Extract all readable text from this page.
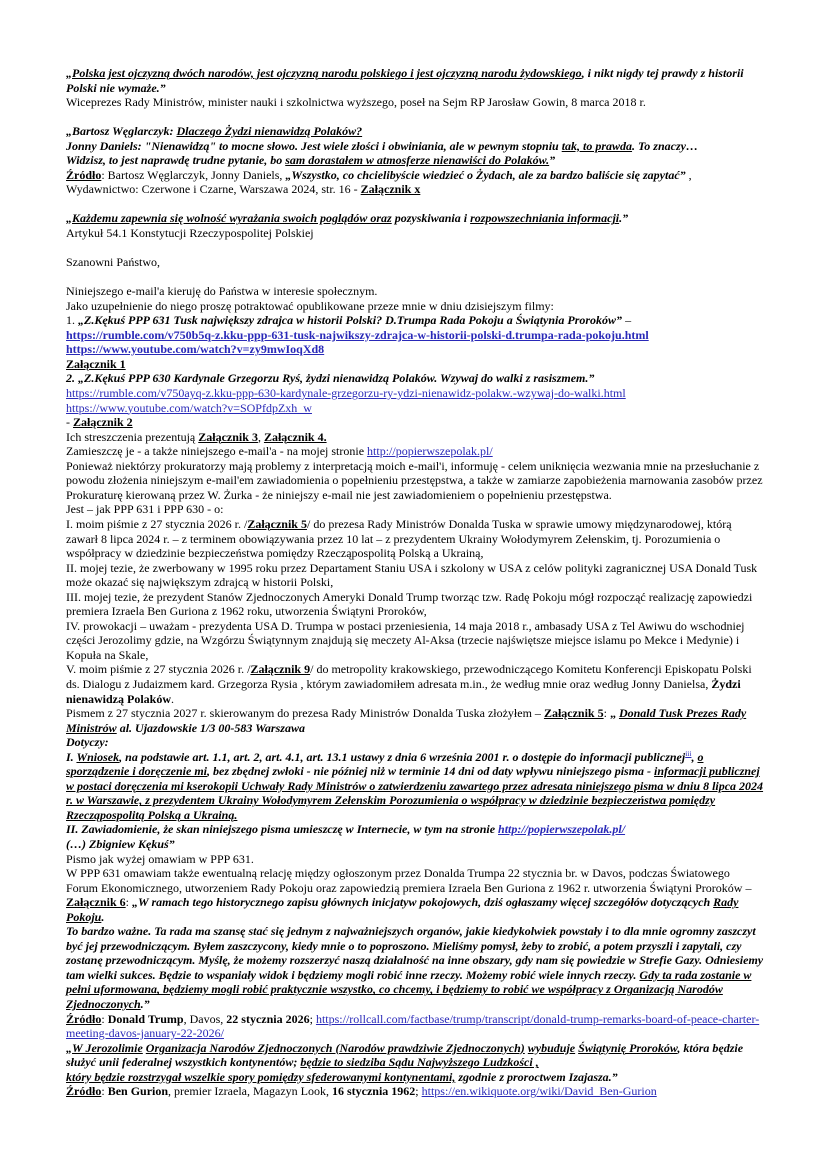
„Polska jest ojczyzną dwóch narodów, jest ojczyzną narodu polskiego i jest ojczyzną narodu żydowskiego, i nikt nigdy tej prawdy z historii Polski nie wymaże.”

Wiceprezes Rady Ministrów, minister nauki i szkolnictwa wyższego, poseł na Sejm RP Jarosław Gowin, 8 marca 2018 r.

„Bartosz Węglarczyk: Dlaczego Żydzi nienawidzą Polaków?

Jonny Daniels: "Nienawidzą" to mocne słowo. Jest wiele złości i obwiniania, ale w pewnym stopniu tak, to prawda. To znaczy…

Widzisz, to jest naprawdę trudne pytanie, bo sam dorastałem w atmosferze nienawiści do Polaków.”

Źródło: Bartosz Węglarczyk, Jonny Daniels, „Wszystko, co chcielibyście wiedzieć o Żydach, ale za bardzo baliście się zapytać” , Wydawnictwo: Czerwone i Czarne, Warszawa 2024, str. 16 - Załącznik x

„Każdemu zapewnia się wolność wyrażania swoich poglądów oraz pozyskiwania i rozpowszechniania informacji.”

Artykuł 54.1 Konstytucji Rzeczypospolitej Polskiej

Szanowni Państwo,

Niniejszego e-mail'a kieruję do Państwa w interesie społecznym.

Jako uzupełnienie do niego proszę potraktować opublikowane przeze mnie w dniu dzisiejszym filmy:

1. „Z.Kękuś PPP 631 Tusk największy zdrajca w historii Polski? D.Trumpa Rada Pokoju a Świątynia Proroków” –

https://rumble.com/v750b5q-z.kku-ppp-631-tusk-najwikszy-zdrajca-w-historii-polski-d.trumpa-rada-pokoju.html

https://www.youtube.com/watch?v=zy9mwIoqXd8

Załącznik 1

2. „Z.Kękuś PPP 630 Kardynale Grzegorzu Ryś, żydzi nienawidzą Polaków. Wzywaj do walki z rasiszmem.”

https://rumble.com/v750ayq-z.kku-ppp-630-kardynale-grzegorzu-ry-ydzi-nienawidz-polakw.-wzywaj-do-walki.html

https://www.youtube.com/watch?v=SOPfdpZxh_w

- Załącznik 2

Ich streszczenia prezentują Załącznik 3, Załącznik 4.

Zamieszczę je - a także niniejszego e-mail'a - na mojej stronie http://popierwszepolak.pl/

Ponieważ niektórzy prokuratorzy mają problemy z interpretacją moich e-mail'i, informuję - celem uniknięcia wezwania mnie na przesłuchanie z powodu złożenia niniejszym e-mail'em zawiadomienia o popełnieniu przestępstwa, a także w zamiarze zapobieżenia marnowania zasobów przez Prokuraturę kierowaną przez W. Żurka - że niniejszy e-mail nie jest zawiadomieniem o popełnieniu przestępstwa.

Jest – jak PPP 631 i PPP 630 - o:

I. moim piśmie z 27 stycznia 2026 r. /Załącznik 5/ do prezesa Rady Ministrów Donalda Tuska w sprawie umowy międzynarodowej, którą zawarł 8 lipca 2024 r. – z terminem obowiązywania przez 10 lat – z prezydentem Ukrainy Wołodymyrem Zełenskim, tj. Porozumienia o współpracy w dziedzinie bezpieczeństwa pomiędzy Rzecząpospolitą Polską a Ukrainą,

II. mojej tezie, że zwerbowany w 1995 roku przez Departament Staniu USA i szkolony w USA z celów polityki zagranicznej USA Donald Tusk może okazać się największym zdrajcą w historii Polski,

III. mojej tezie, że prezydent Stanów Zjednoczonych Ameryki Donald Trump tworząc tzw. Radę Pokoju mógł rozpocząć realizację zapowiedzi premiera Izraela Ben Guriona z 1962 roku, utworzenia Świątyni Proroków,

IV. prowokacji – uważam - prezydenta USA D. Trumpa w postaci przeniesienia, 14 maja 2018 r., ambasady USA z Tel Awiwu do wschodniej części Jerozolimy gdzie, na Wzgórzu Świątynnym znajdują się meczety Al-Aksa (trzecie najświętsze miejsce islamu po Mekce i Medynie) i Kopuła na Skale,

V. moim piśmie z 27 stycznia 2026 r. /Załącznik 9/ do metropolity krakowskiego, przewodniczącego Komitetu Konferencji Episkopatu Polski ds. Dialogu z Judaizmem kard. Grzegorza Rysia , którym zawiadomiłem adresata m.in., że według mnie oraz według Jonny Danielsa, Żydzi nienawidzą Polaków.

Pismem z 27 stycznia 2027 r. skierowanym do prezesa Rady Ministrów Donalda Tuska złożyłem – Załącznik 5: „ Donald Tusk Prezes Rady Ministrów al. Ujazdowskie 1/3 00-583 Warszawa

Dotyczy:

I. Wniosek, na podstawie art. 1.1, art. 2, art. 4.1, art. 13.1 ustawy z dnia 6 września 2001 r. o dostępie do informacji publicznej$^{iii}$, o sporządzenie i doręczenie mi, bez zbędnej zwłoki - nie później niż w terminie 14 dni od daty wpływu niniejszego pisma - informacji publicznej w postaci doręczenia mi kserokopii Uchwały Rady Ministrów o zatwierdzeniu zawartego przez adresata niniejszego pisma w dniu 8 lipca 2024 r. w Warszawie, z prezydentem Ukrainy Wołodymyrem Zełenskim Porozumienia o współpracy w dziedzinie bezpieczeństwa pomiędzy Rzecząpospolitą Polską a Ukrainą.

II. Zawiadomienie, że skan niniejszego pisma umieszczę w Internecie, w tym na stronie http://popierwszepolak.pl/

(…) Zbigniew Kękuś”

Pismo jak wyżej omawiam w PPP 631.

W PPP 631 omawiam także ewentualną relację między ogłoszonym przez Donalda Trumpa 22 stycznia br. w Davos, podczas Światowego Forum Ekonomicznego, utworzeniem Rady Pokoju oraz zapowiedzią premiera Izraela Ben Guriona z 1962 r. utworzenia Świątyni Proroków – Załącznik 6: „W ramach tego historycznego zapisu głównych inicjatyw pokojowych, dziś ogłaszamy więcej szczegółów dotyczących Rady Pokoju.

To bardzo ważne. Ta rada ma szansę stać się jednym z najważniejszych organów, jakie kiedykolwiek powstały i to dla mnie ogromny zaszczyt być jej przewodniczącym. Byłem zaszczycony, kiedy mnie o to poproszono. Mieliśmy pomysł, żeby to zrobić, a potem przyszli i zapytali, czy zostanę przewodniczącym. Myślę, że możemy rozszerzyć naszą działalność na inne obszary, gdy nam się powiedzie w Strefie Gazy. Odniesiemy tam wielki sukces. Będzie to wspaniały widok i będziemy mogli robić inne rzeczy. Możemy robić wiele innych rzeczy. Gdy ta rada zostanie w pełni uformowana, będziemy mogli robić praktycznie wszystko, co chcemy, i będziemy to robić we współpracy z Organizacją Narodów Zjednoczonych.”

Źródło: Donald Trump, Davos, 22 stycznia 2026; https://rollcall.com/factbase/trump/transcript/donald-trump-remarks-board-of-peace-charter-meeting-davos-january-22-2026/

„W Jerozolimie Organizacja Narodów Zjednoczonych (Narodów prawdziwie Zjednoczonych) wybuduje Świątynię Proroków, która będzie służyć unii federalnej wszystkich kontynentów; będzie to siedziba Sądu Najwyższego Ludzkości ,
który będzie rozstrzygał wszelkie spory pomiędzy sfederowanymi kontynentami, zgodnie z proroctwem Izajasza.”

Źródło: Ben Gurion, premier Izraela, Magazyn Look, 16 stycznia 1962; https://en.wikiquote.org/wiki/David_Ben-Gurion
